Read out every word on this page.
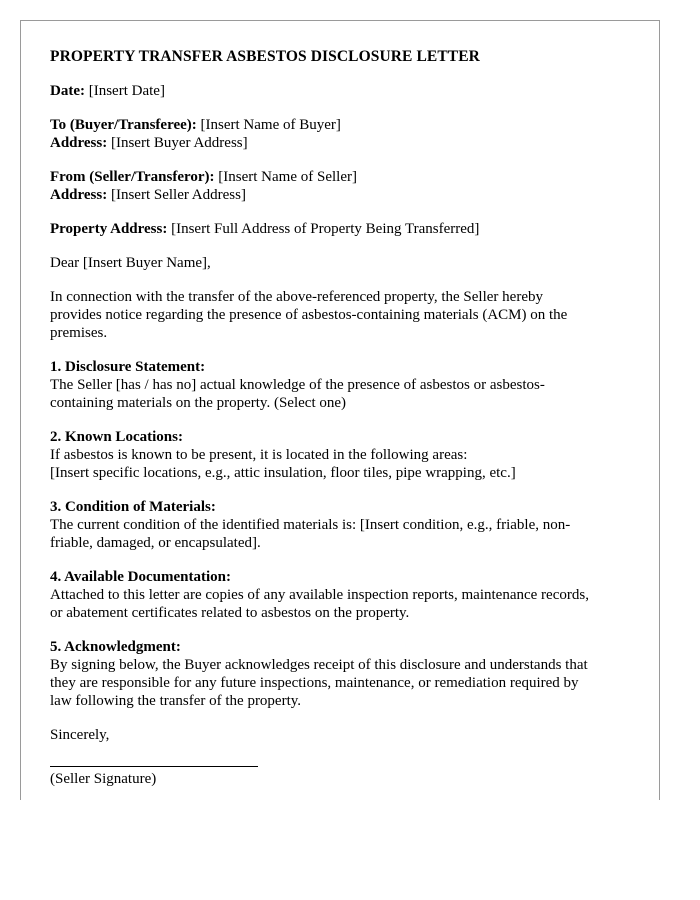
PROPERTY TRANSFER ASBESTOS DISCLOSURE LETTER
Date: [Insert Date]
To (Buyer/Transferee): [Insert Name of Buyer]
Address: [Insert Buyer Address]
From (Seller/Transferor): [Insert Name of Seller]
Address: [Insert Seller Address]
Property Address: [Insert Full Address of Property Being Transferred]
Dear [Insert Buyer Name],
In connection with the transfer of the above-referenced property, the Seller hereby
provides notice regarding the presence of asbestos-containing materials (ACM) on the
premises.
1. Disclosure Statement:
The Seller [has / has no] actual knowledge of the presence of asbestos or asbestos-
containing materials on the property. (Select one)
2. Known Locations:
If asbestos is known to be present, it is located in the following areas:
[Insert specific locations, e.g., attic insulation, floor tiles, pipe wrapping, etc.]
3. Condition of Materials:
The current condition of the identified materials is: [Insert condition, e.g., friable, non-
friable, damaged, or encapsulated].
4. Available Documentation:
Attached to this letter are copies of any available inspection reports, maintenance records,
or abatement certificates related to asbestos on the property.
5. Acknowledgment:
By signing below, the Buyer acknowledges receipt of this disclosure and understands that
they are responsible for any future inspections, maintenance, or remediation required by
law following the transfer of the property.
Sincerely,
(Seller Signature)
